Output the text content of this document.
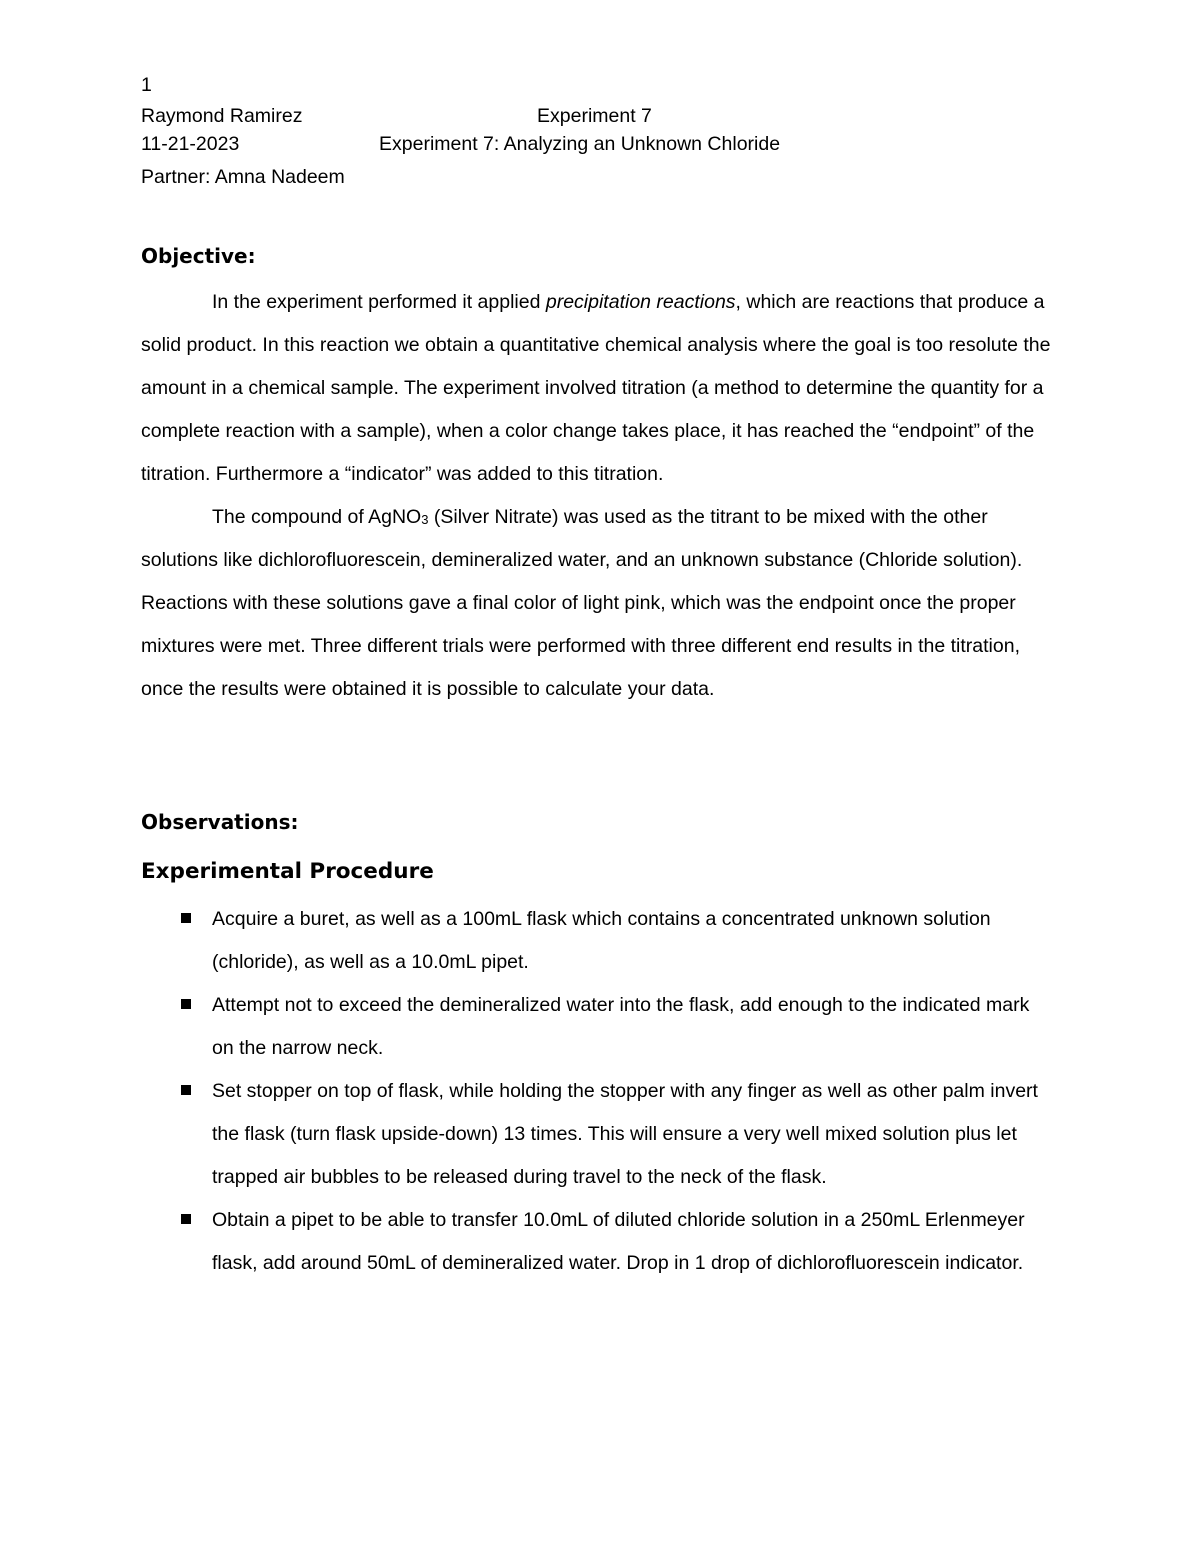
1
Raymond Ramirez	Experiment 7
11-21-2023	Experiment 7: Analyzing an Unknown Chloride
Partner: Amna Nadeem
Objective:

In the experiment performed it applied precipitation reactions, which are reactions that produce a solid product. In this reaction we obtain a quantitative chemical analysis where the goal is too resolute the amount in a chemical sample. The experiment involved titration (a method to determine the quantity for a complete reaction with a sample), when a color change takes place, it has reached the “endpoint” of the titration. Furthermore a “indicator” was added to this titration.

The compound of AgNO$_3$ (Silver Nitrate) was used as the titrant to be mixed with the other solutions like dichlorofluorescein, demineralized water, and an unknown substance (Chloride solution). Reactions with these solutions gave a final color of light pink, which was the endpoint once the proper mixtures were met. Three different trials were performed with three different end results in the titration, once the results were obtained it is possible to calculate your data.

Observations:
Experimental Procedure
Acquire a buret, as well as a 100mL flask which contains a concentrated unknown solution (chloride), as well as a 10.0mL pipet.
Attempt not to exceed the demineralized water into the flask, add enough to the indicated mark on the narrow neck.
Set stopper on top of flask, while holding the stopper with any finger as well as other palm invert the flask (turn flask upside-down) 13 times. This will ensure a very well mixed solution plus let trapped air bubbles to be released during travel to the neck of the flask.
Obtain a pipet to be able to transfer 10.0mL of diluted chloride solution in a 250mL Erlenmeyer flask, add around 50mL of demineralized water. Drop in 1 drop of dichlorofluorescein indicator.
